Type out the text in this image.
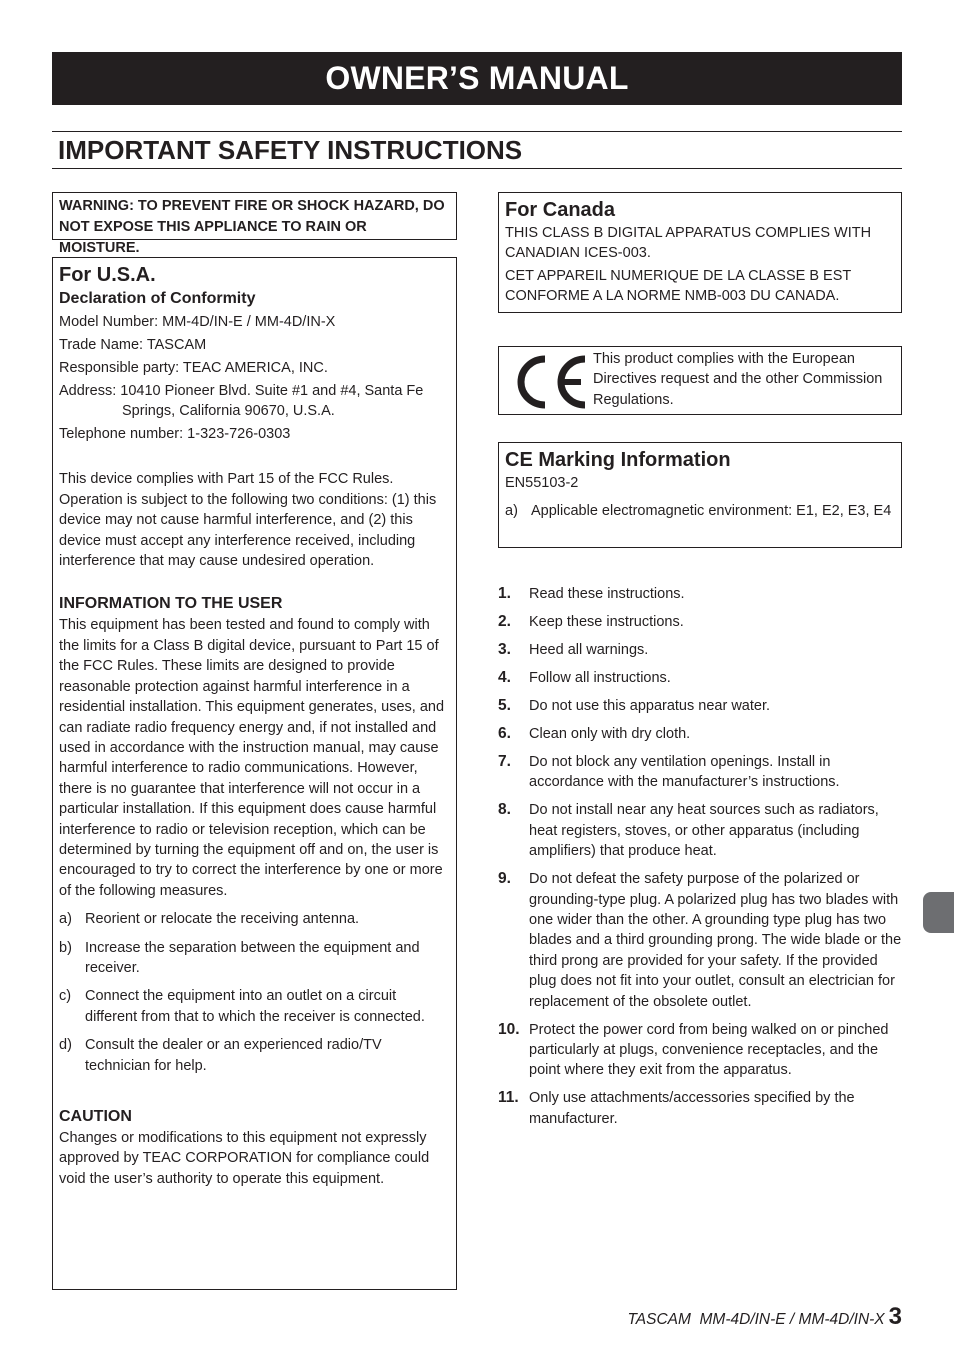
OWNER’S MANUAL
IMPORTANT SAFETY INSTRUCTIONS
WARNING: TO PREVENT FIRE OR SHOCK HAZARD, DO NOT EXPOSE THIS APPLIANCE TO RAIN OR MOISTURE.
For U.S.A.
Declaration of Conformity

Model Number: MM-4D/IN-E / MM-4D/IN-X

Trade Name: TASCAM

Responsible party: TEAC AMERICA, INC.

Address: 10410 Pioneer Blvd. Suite #1 and #4, Santa Fe

Springs, California 90670, U.S.A.

Telephone number: 1-323-726-0303

This device complies with Part 15 of the FCC Rules. Operation is subject to the following two conditions: (1) this device may not cause harmful interference, and (2) this device must accept any interference received, including interference that may cause undesired operation.

INFORMATION TO THE USER

This equipment has been tested and found to comply with the limits for a Class B digital device, pursuant to Part 15 of the FCC Rules. These limits are designed to provide reasonable protection against harmful interference in a residential installation. This equipment generates, uses, and can radiate radio frequency energy and, if not installed and used in accordance with the instruction manual, may cause harmful interference to radio communications. However, there is no guarantee that interference will not occur in a particular installation. If this equipment does cause harmful interference to radio or television reception, which can be determined by turning the equipment off and on, the user is encouraged to try to correct the interference by one or more of the following measures.

a) Reorient or relocate the receiving antenna.
b) Increase the separation between the equipment and receiver.
c) Connect the equipment into an outlet on a circuit different from that to which the receiver is connected.
d) Consult the dealer or an experienced radio/TV technician for help.
CAUTION

Changes or modifications to this equipment not expressly approved by TEAC CORPORATION for compliance could void the user’s authority to operate this equipment.

For Canada

THIS CLASS B DIGITAL APPARATUS COMPLIES WITH CANADIAN ICES-003.

CET APPAREIL NUMERIQUE DE LA CLASSE B EST CONFORME A LA NORME NMB-003 DU CANADA.

This product complies with the European Directives request and the other Commission Regulations.
CE Marking Information

EN55103-2

a) Applicable electromagnetic environment: E1, E2, E3, E4
1.	Read these instructions.
2.	Keep these instructions.
3.	Heed all warnings.
4.	Follow all instructions.
5.	Do not use this apparatus near water.
6.	Clean only with dry cloth.
7.	Do not block any ventilation openings. Install in accordance with the manufacturer’s instructions.
8.	Do not install near any heat sources such as radiators, heat registers, stoves, or other apparatus (including amplifiers) that produce heat.
9.	Do not defeat the safety purpose of the polarized or grounding-type plug. A polarized plug has two blades with one wider than the other. A grounding type plug has two blades and a third grounding prong. The wide blade or the third prong are provided for your safety. If the provided plug does not fit into your outlet, consult an electrician for replacement of the obsolete outlet.
10. Protect the power cord from being walked on or pinched particularly at plugs, convenience receptacles, and the point where they exit from the apparatus.
11. Only use attachments/accessories specified by the manufacturer.
TASCAM  MM-4D/IN-E / MM-4D/IN-X 3
